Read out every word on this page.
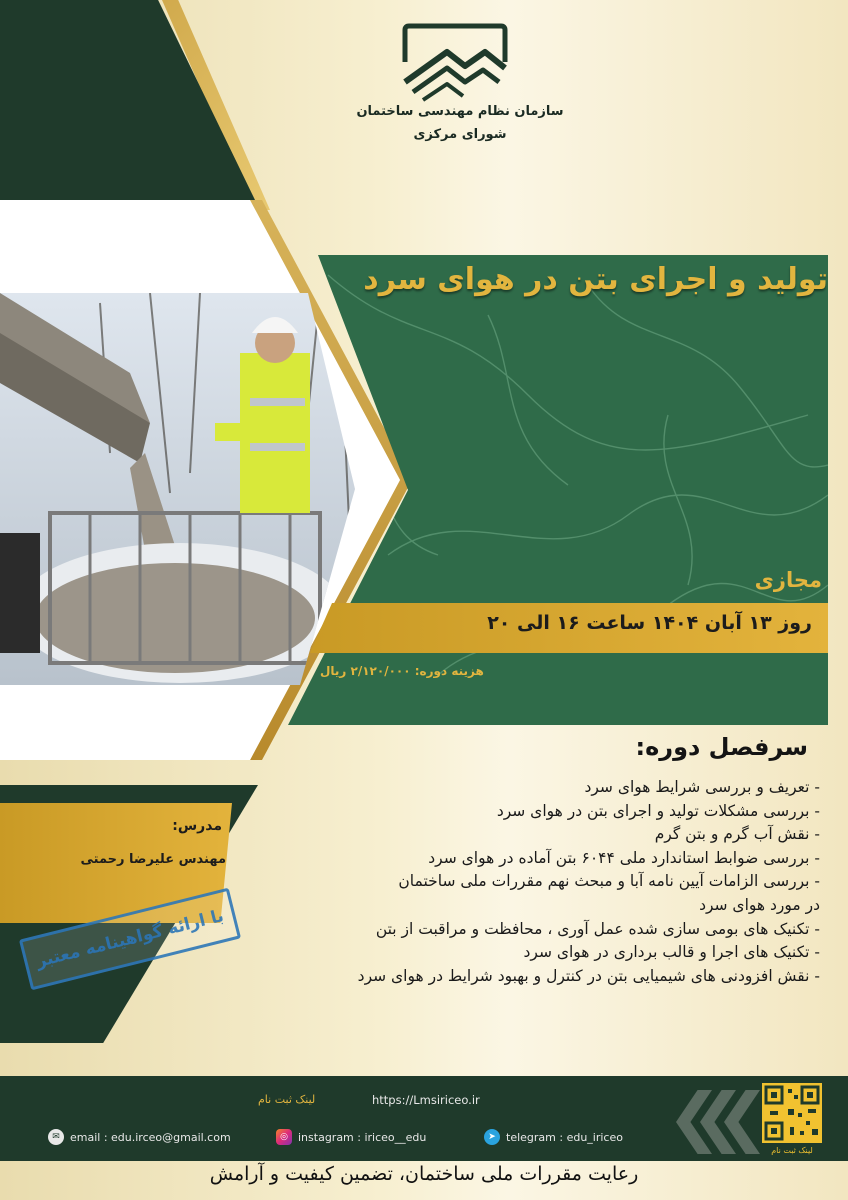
سازمان نظام مهندسی ساختمان
شورای مرکزی
تولید و اجرای بتن در هوای سرد
مجازی
روز ۱۳ آبان ۱۴۰۴ ساعت ۱۶ الی ۲۰
هزینه دوره: ۲/۱۲۰/۰۰۰ ریال
مدرس:
مهندس علیرضا رحمتی
سرفصل دوره:
- تعریف و بررسی شرایط هوای سرد
- بررسی مشکلات تولید و اجرای بتن در هوای سرد
- نقش آب گرم و بتن گرم
- بررسی ضوابط استاندارد ملی ۶۰۴۴ بتن آماده در هوای سرد
- بررسی الزامات آیین نامه آبا و مبحث نهم مقررات ملی ساختمان
در مورد هوای سرد
- تکنیک های بومی سازی شده عمل آوری ، محافظت و مراقبت از بتن
- تکنیک های اجرا و قالب برداری در هوای سرد
- نقش افزودنی های شیمیایی بتن در کنترل و بهبود شرایط در هوای سرد
با ارائه گواهینامه معتبر
لینک ثبت نام
لینک ثبت نام	https://Lmsiriceo.ir
✉ email : edu.irceo@gmail.com	◎ instagram : iriceo__edu	➤ telegram : edu_iriceo
رعایت مقررات ملی ساختمان، تضمین کیفیت و آرامش
